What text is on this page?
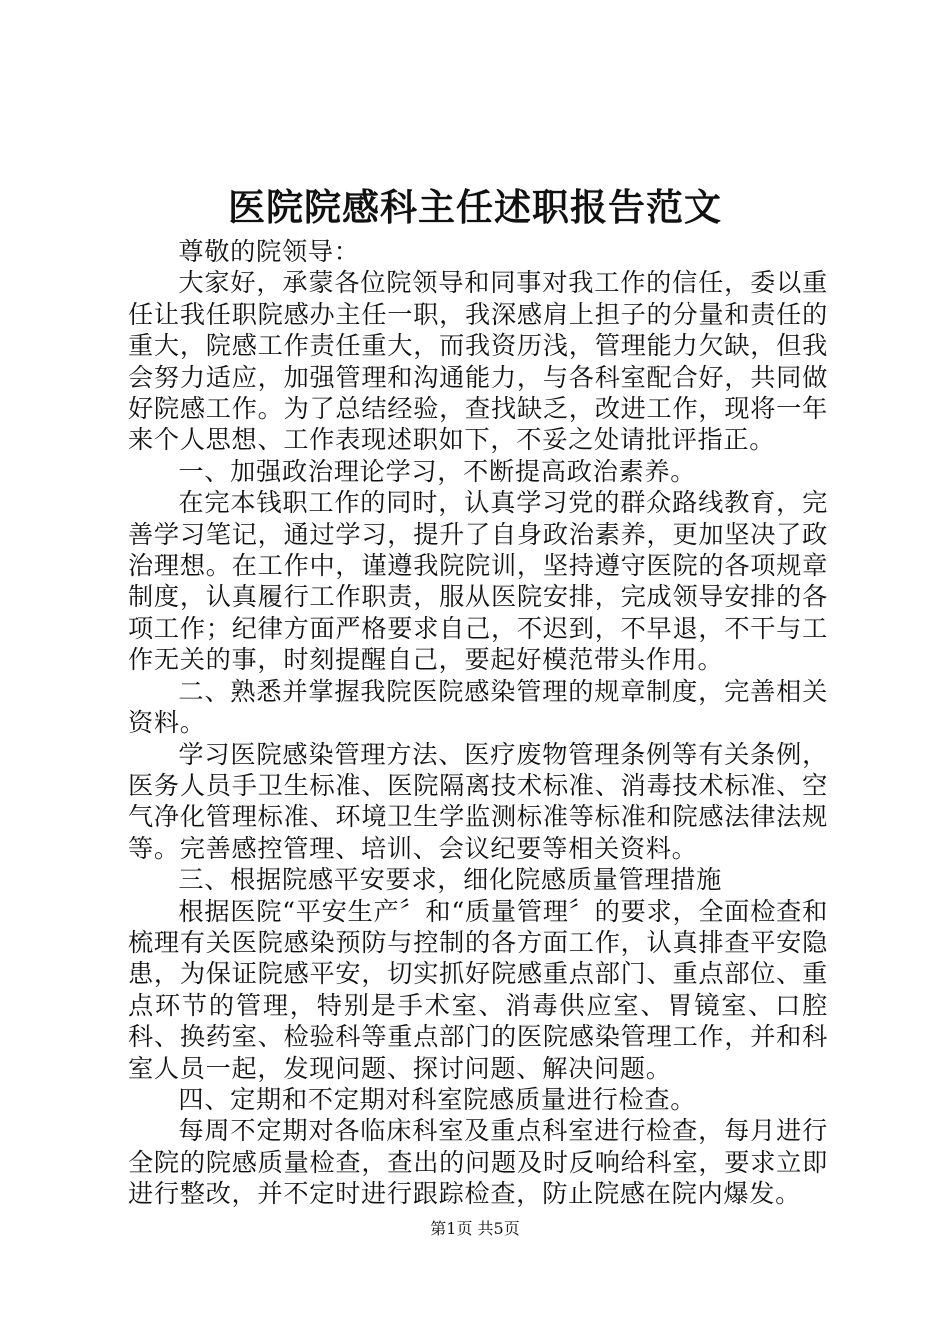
医院院感科主任述职报告范文

尊敬的院领导：

大家好，承蒙各位院领导和同事对我工作的信任，委以重任让我任职院感办主任一职，我深感肩上担子的分量和责任的重大，院感工作责任重大，而我资历浅，管理能力欠缺，但我会努力适应，加强管理和沟通能力，与各科室配合好，共同做好院感工作。为了总结经验，查找缺乏，改进工作，现将一年来个人思想、工作表现述职如下，不妥之处请批评指正。

一、加强政治理论学习，不断提高政治素养。

在完本钱职工作的同时，认真学习党的群众路线教育，完善学习笔记，通过学习，提升了自身政治素养，更加坚决了政治理想。在工作中，谨遵我院院训，坚持遵守医院的各项规章制度，认真履行工作职责，服从医院安排，完成领导安排的各项工作；纪律方面严格要求自己，不迟到，不早退，不干与工作无关的事，时刻提醒自己，要起好模范带头作用。

二、熟悉并掌握我院医院感染管理的规章制度，完善相关资料。

学习医院感染管理方法、医疗废物管理条例等有关条例，医务人员手卫生标准、医院隔离技术标准、消毒技术标准、空气净化管理标准、环境卫生学监测标准等标准和院感法律法规等。完善感控管理、培训、会议纪要等相关资料。

三、根据院感平安要求，细化院感质量管理措施

根据医院“平安生产〞和“质量管理〞的要求，全面检查和梳理有关医院感染预防与控制的各方面工作，认真排查平安隐患，为保证院感平安，切实抓好院感重点部门、重点部位、重点环节的管理，特别是手术室、消毒供应室、胃镜室、口腔科、换药室、检验科等重点部门的医院感染管理工作，并和科室人员一起，发现问题、探讨问题、解决问题。

四、定期和不定期对科室院感质量进行检查。

每周不定期对各临床科室及重点科室进行检查，每月进行全院的院感质量检查，查出的问题及时反响给科室，要求立即进行整改，并不定时进行跟踪检查，防止院感在院内爆发。

第1页 共5页
